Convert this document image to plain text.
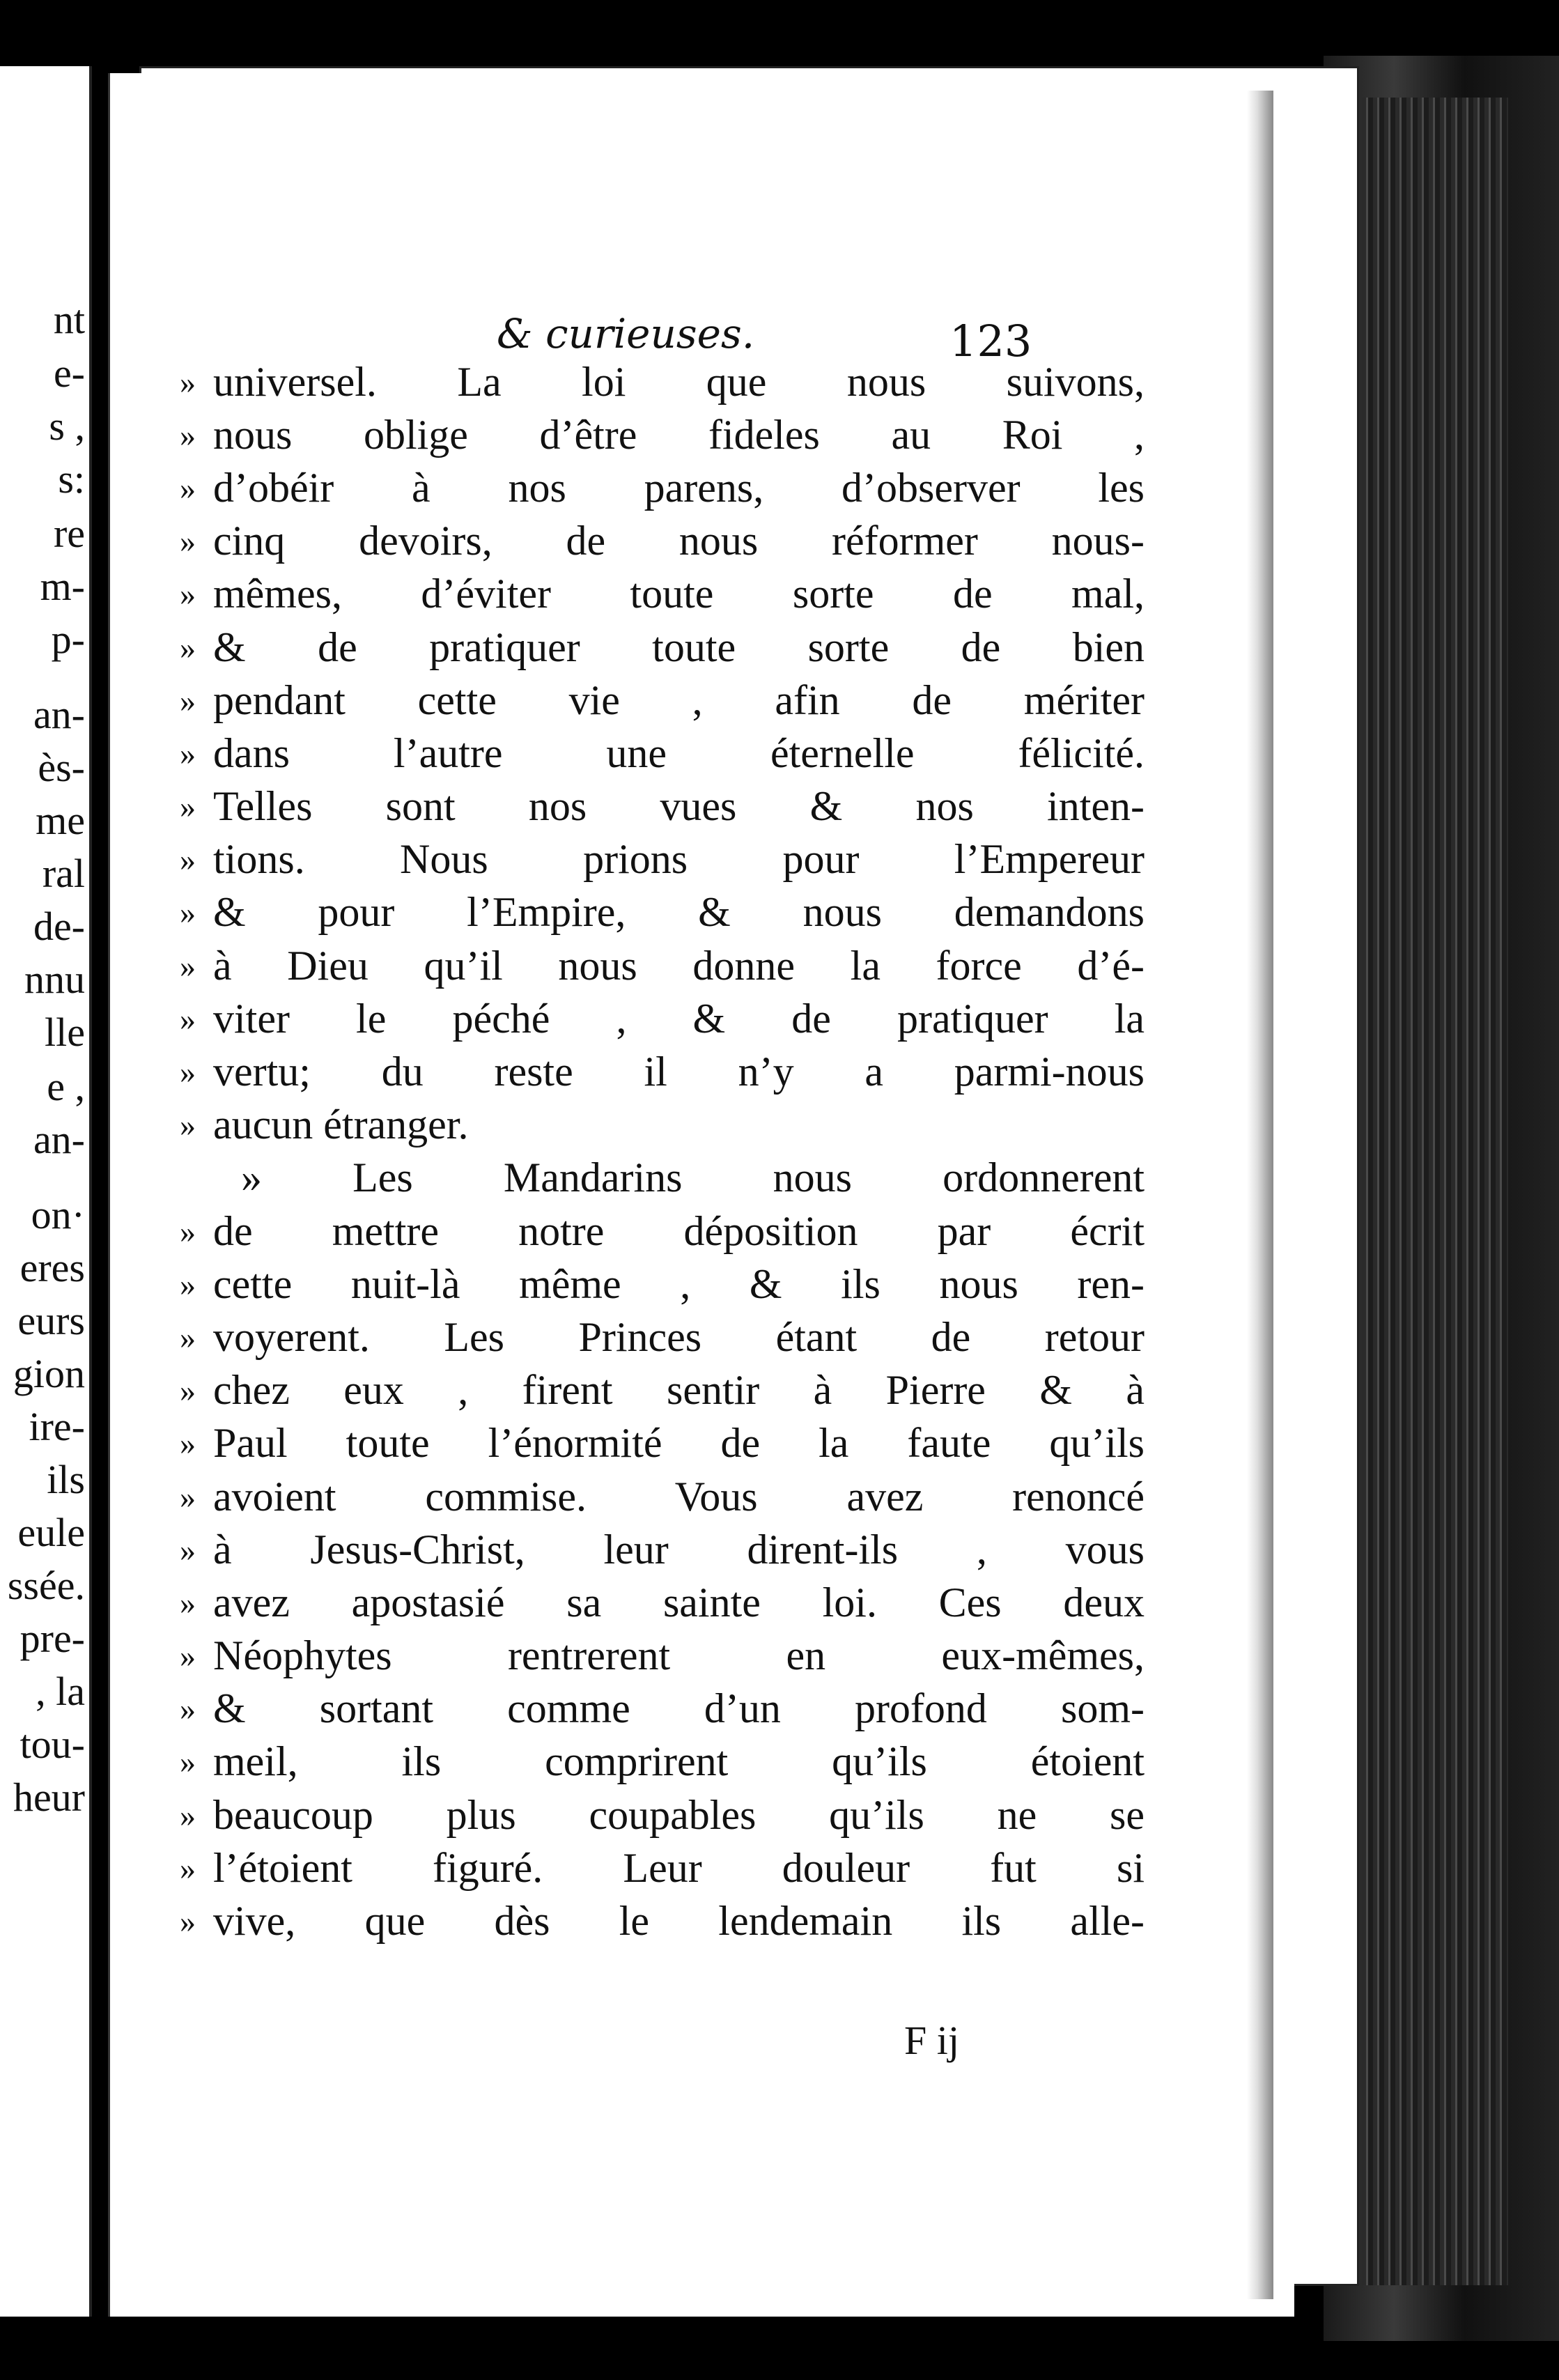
nt
e-
s ,
s:
re
m-
p-
an-
ès-
me
ral
de-
nnu
lle
e ,
an-
on·
eres
eurs
gion
ire-
ils
eule
ssée.
pre-
, la
tou-
heur
& curieuses.	123
» universel. La loi que nous suivons,
» nous oblige d’être fideles au Roi ,
» d’obéir à nos parens, d’observer les
» cinq devoirs, de nous réformer nous-
» mêmes, d’éviter toute sorte de mal,
» & de pratiquer toute sorte de bien
» pendant cette vie , afin de mériter
» dans l’autre une éternelle félicité.
» Telles sont nos vues & nos inten-
» tions. Nous prions pour l’Empereur
» & pour l’Empire, & nous demandons
» à Dieu qu’il nous donne la force d’é-
» viter le péché , & de pratiquer la
» vertu; du reste il n’y a parmi-nous
» aucun étranger.
» Les Mandarins nous ordonnerent
» de mettre notre déposition par écrit
» cette nuit-là même , & ils nous ren-
» voyerent. Les Princes étant de retour
» chez eux , firent sentir à Pierre & à
» Paul toute l’énormité de la faute qu’ils
» avoient commise. Vous avez renoncé
» à Jesus-Christ, leur dirent-ils , vous
» avez apostasié sa sainte loi. Ces deux
» Néophytes rentrerent en eux-mêmes,
» & sortant comme d’un profond som-
» meil, ils comprirent qu’ils étoient
» beaucoup plus coupables qu’ils ne se
» l’étoient figuré. Leur douleur fut si
» vive, que dès le lendemain ils alle-
F ij
